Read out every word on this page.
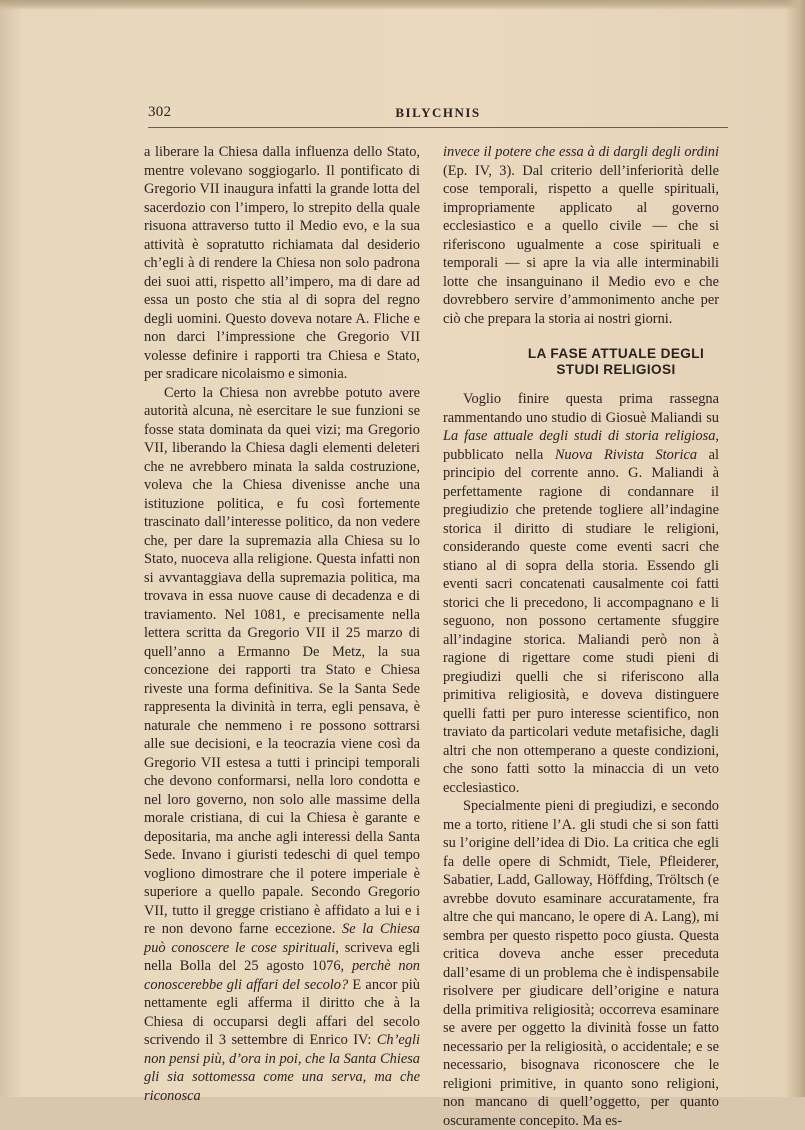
302	BILYCHNIS

a liberare la Chiesa dalla influenza dello Stato, mentre volevano soggiogarlo. Il pontificato di Gregorio VII inaugura infatti la grande lotta del sacerdozio con l’impero, lo strepito della quale risuona attraverso tutto il Medio evo, e la sua attività è sopratutto richiamata dal desiderio ch’egli à di rendere la Chiesa non solo padrona dei suoi atti, rispetto all’impero, ma di dare ad essa un posto che stia al di sopra del regno degli uomini. Questo doveva notare A. Fliche e non darci l’impressione che Gregorio VII volesse definire i rapporti tra Chiesa e Stato, per sradicare nicolaismo e simonia.

Certo la Chiesa non avrebbe potuto avere autorità alcuna, nè esercitare le sue funzioni se fosse stata dominata da quei vizi; ma Gregorio VII, liberando la Chiesa dagli elementi deleteri che ne avrebbero minata la salda costruzione, voleva che la Chiesa divenisse anche una istituzione politica, e fu così fortemente trascinato dall’interesse politico, da non vedere che, per dare la supremazia alla Chiesa su lo Stato, nuoceva alla religione. Questa infatti non si avvantaggiava della supremazia politica, ma trovava in essa nuove cause di decadenza e di traviamento. Nel 1081, e precisamente nella lettera scritta da Gregorio VII il 25 marzo di quell’anno a Ermanno De Metz, la sua concezione dei rapporti tra Stato e Chiesa riveste una forma definitiva. Se la Santa Sede rappresenta la divinità in terra, egli pensava, è naturale che nemmeno i re possono sottrarsi alle sue decisioni, e la teocrazia viene così da Gregorio VII estesa a tutti i principi temporali che devono conformarsi, nella loro condotta e nel loro governo, non solo alle massime della morale cristiana, di cui la Chiesa è garante e depositaria, ma anche agli interessi della Santa Sede. Invano i giuristi tedeschi di quel tempo vogliono dimostrare che il potere imperiale è superiore a quello papale. Secondo Gregorio VII, tutto il gregge cristiano è affidato a lui e i re non devono farne eccezione. Se la Chiesa può conoscere le cose spirituali, scriveva egli nella Bolla del 25 agosto 1076, perchè non conoscerebbe gli affari del secolo? E ancor più nettamente egli afferma il diritto che à la Chiesa di occuparsi degli affari del secolo scrivendo il 3 settembre di Enrico IV: Ch’egli non pensi più, d’ora in poi, che la Santa Chiesa gli sia sottomessa come una serva, ma che riconosca

invece il potere che essa à di dargli degli ordini (Ep. IV, 3). Dal criterio dell’inferiorità delle cose temporali, rispetto a quelle spirituali, impropriamente applicato al governo ecclesiastico e a quello civile — che si riferiscono ugualmente a cose spirituali e temporali — si apre la via alle interminabili lotte che insanguinano il Medio evo e che dovrebbero servire d’ammonimento anche per ciò che prepara la storia ai nostri giorni.

LA FASE ATTUALE DEGLI STUDI RELIGIOSI

Voglio finire questa prima rassegna rammentando uno studio di Giosuè Maliandi su La fase attuale degli studi di storia religiosa, pubblicato nella Nuova Rivista Storica al principio del corrente anno. G. Maliandi à perfettamente ragione di condannare il pregiudizio che pretende togliere all’indagine storica il diritto di studiare le religioni, considerando queste come eventi sacri che stiano al di sopra della storia. Essendo gli eventi sacri concatenati causalmente coi fatti storici che li precedono, li accompagnano e li seguono, non possono certamente sfuggire all’indagine storica. Maliandi però non à ragione di rigettare come studi pieni di pregiudizi quelli che si riferiscono alla primitiva religiosità, e doveva distinguere quelli fatti per puro interesse scientifico, non traviato da particolari vedute metafisiche, dagli altri che non ottemperano a queste condizioni, che sono fatti sotto la minaccia di un veto ecclesiastico.

Specialmente pieni di pregiudizi, e secondo me a torto, ritiene l’A. gli studi che si son fatti su l’origine dell’idea di Dio. La critica che egli fa delle opere di Schmidt, Tiele, Pfleiderer, Sabatier, Ladd, Galloway, Höffding, Tröltsch (e avrebbe dovuto esaminare accuratamente, fra altre che qui mancano, le opere di A. Lang), mi sembra per questo rispetto poco giusta. Questa critica doveva anche esser preceduta dall’esame di un problema che è indispensabile risolvere per giudicare dell’origine e natura della primitiva religiosità; occorreva esaminare se avere per oggetto la divinità fosse un fatto necessario per la religiosità, o accidentale; e se necessario, bisognava riconoscere che le religioni primitive, in quanto sono religioni, non mancano di quell’oggetto, per quanto oscuramente concepito. Ma es-
